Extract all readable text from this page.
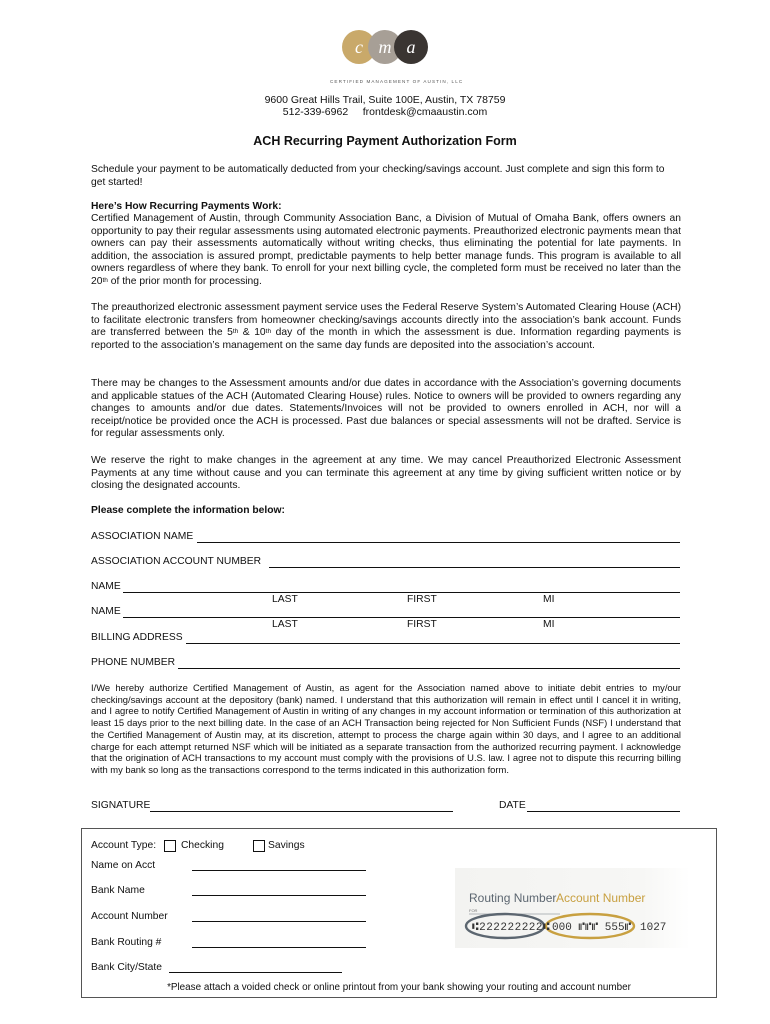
c m a
CERTIFIED MANAGEMENT OF AUSTIN, LLC
9600 Great Hills Trail, Suite 100E, Austin, TX 78759
512-339-6962 frontdesk@cmaaustin.com
ACH Recurring Payment Authorization Form
Schedule your payment to be automatically deducted from your checking/savings account. Just complete and sign this form to get started!
Here’s How Recurring Payments Work:
Certified Management of Austin, through Community Association Banc, a Division of Mutual of Omaha Bank, offers owners an opportunity to pay their regular assessments using automated electronic payments. Preauthorized electronic payments mean that owners can pay their assessments automatically without writing checks, thus eliminating the potential for late payments. In addition, the association is assured prompt, predictable payments to help better manage funds. This program is available to all owners regardless of where they bank. To enroll for your next billing cycle, the completed form must be received no later than the 20th of the prior month for processing.
The preauthorized electronic assessment payment service uses the Federal Reserve System’s Automated Clearing House (ACH) to facilitate electronic transfers from homeowner checking/savings accounts directly into the association’s bank account. Funds are transferred between the 5th & 10th day of the month in which the assessment is due. Information regarding payments is reported to the association’s management on the same day funds are deposited into the association’s account.
There may be changes to the Assessment amounts and/or due dates in accordance with the Association’s governing documents and applicable statues of the ACH (Automated Clearing House) rules. Notice to owners will be provided to owners regarding any changes to amounts and/or due dates. Statements/Invoices will not be provided to owners enrolled in ACH, nor will a receipt/notice be provided once the ACH is processed. Past due balances or special assessments will not be drafted. Service is for regular assessments only.
We reserve the right to make changes in the agreement at any time. We may cancel Preauthorized Electronic Assessment Payments at any time without cause and you can terminate this agreement at any time by giving sufficient written notice or by closing the designated accounts.
Please complete the information below:
ASSOCIATION NAME
ASSOCIATION ACCOUNT NUMBER
NAME
LAST	FIRST	MI
NAME
LAST	FIRST	MI
BILLING ADDRESS
PHONE NUMBER
I/We hereby authorize Certified Management of Austin, as agent for the Association named above to initiate debit entries to my/our checking/savings account at the depository (bank) named. I understand that this authorization will remain in effect until I cancel it in writing, and I agree to notify Certified Management of Austin in writing of any changes in my account information or termination of this authorization at least 15 days prior to the next billing date. In the case of an ACH Transaction being rejected for Non Sufficient Funds (NSF) I understand that the Certified Management of Austin may, at its discretion, attempt to process the charge again within 30 days, and I agree to an additional charge for each attempt returned NSF which will be initiated as a separate transaction from the authorized recurring payment. I acknowledge that the origination of ACH transactions to my account must comply with the provisions of U.S. law. I agree not to dispute this recurring billing with my bank so long as the transactions correspond to the terms indicated in this authorization form.
SIGNATURE	DATE
Account Type: Checking	Savings
Name on Acct
Bank Name
Account Number
Bank Routing #
Bank City/State
FOR
Routing Number Account Number
⑆222222222⑆ 000 ⑈⑈⑈ 555⑈ 1027
*Please attach a voided check or online printout from your bank showing your routing and account number
